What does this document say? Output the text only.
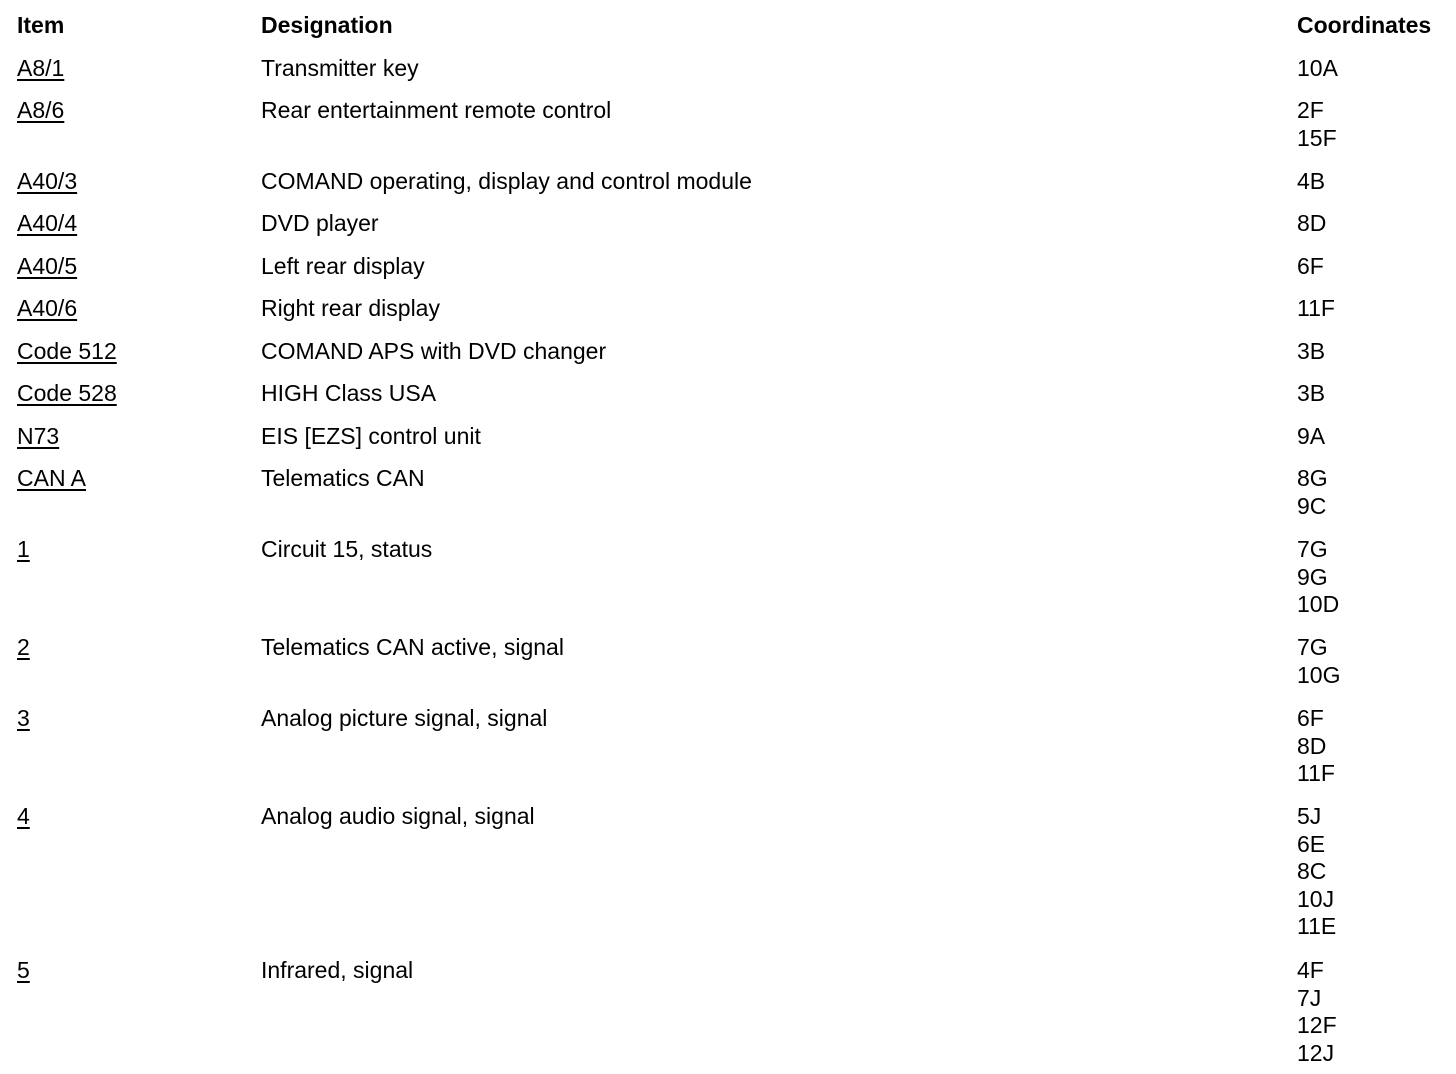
Item	Designation	Coordinates
A8/1	Transmitter key	10A
A8/6	Rear entertainment remote control	2F
15F
A40/3	COMAND operating, display and control module	4B
A40/4	DVD player	8D
A40/5	Left rear display	6F
A40/6	Right rear display	11F
Code 512	COMAND APS with DVD changer	3B
Code 528	HIGH Class USA	3B
N73	EIS [EZS] control unit	9A
CAN A	Telematics CAN	8G
9C
1	Circuit 15, status	7G
9G
10D
2	Telematics CAN active, signal	7G
10G
3	Analog picture signal, signal	6F
8D
11F
4	Analog audio signal, signal	5J
6E
8C
10J
11E
5	Infrared, signal	4F
7J
12F
12J
